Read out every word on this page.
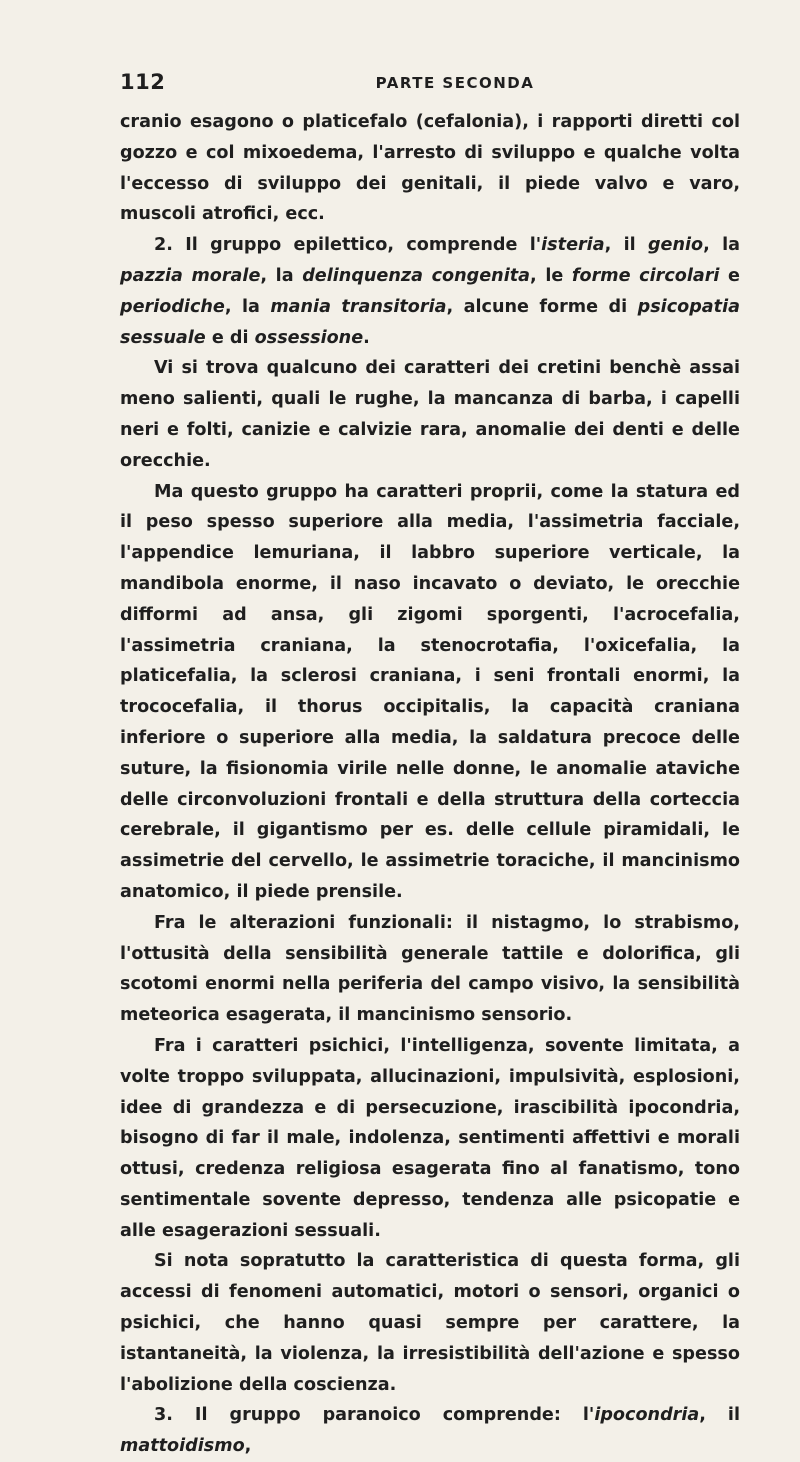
112	PARTE SECONDA

cranio esagono o platicefalo (cefalonia), i rapporti diretti col gozzo e col mixoedema, l'arresto di sviluppo e qualche volta l'eccesso di sviluppo dei genitali, il piede valvo e varo, muscoli atrofici, ecc.

2. Il gruppo epilettico, comprende l'isteria, il genio, la pazzia morale, la delinquenza congenita, le forme circolari e periodiche, la mania transitoria, alcune forme di psicopatia sessuale e di ossessione.

Vi si trova qualcuno dei caratteri dei cretini benchè assai meno salienti, quali le rughe, la mancanza di barba, i capelli neri e folti, canizie e calvizie rara, anomalie dei denti e delle orecchie.

Ma questo gruppo ha caratteri proprii, come la statura ed il peso spesso superiore alla media, l'assimetria facciale, l'appendice lemuriana, il labbro superiore verticale, la mandibola enorme, il naso incavato o deviato, le orecchie difformi ad ansa, gli zigomi sporgenti, l'acrocefalia, l'assimetria craniana, la stenocrotafia, l'oxicefalia, la platicefalia, la sclerosi craniana, i seni frontali enormi, la trococefalia, il thorus occipitalis, la capacità craniana inferiore o superiore alla media, la saldatura precoce delle suture, la fisionomia virile nelle donne, le anomalie ataviche delle circonvoluzioni frontali e della struttura della corteccia cerebrale, il gigantismo per es. delle cellule piramidali, le assimetrie del cervello, le assimetrie toraciche, il mancinismo anatomico, il piede prensile.

Fra le alterazioni funzionali: il nistagmo, lo strabismo, l'ottusità della sensibilità generale tattile e dolorifica, gli scotomi enormi nella periferia del campo visivo, la sensibilità meteorica esagerata, il mancinismo sensorio.

Fra i caratteri psichici, l'intelligenza, sovente limitata, a volte troppo sviluppata, allucinazioni, impulsività, esplosioni, idee di grandezza e di persecuzione, irascibilità ipocondria, bisogno di far il male, indolenza, sentimenti affettivi e morali ottusi, credenza religiosa esagerata fino al fanatismo, tono sentimentale sovente depresso, tendenza alle psicopatie e alle esagerazioni sessuali.

Si nota sopratutto la caratteristica di questa forma, gli accessi di fenomeni automatici, motori o sensori, organici o psichici, che hanno quasi sempre per carattere, la istantaneità, la violenza, la irresistibilità dell'azione e spesso l'abolizione della coscienza.

3. Il gruppo paranoico comprende: l'ipocondria, il mattoidismo,
